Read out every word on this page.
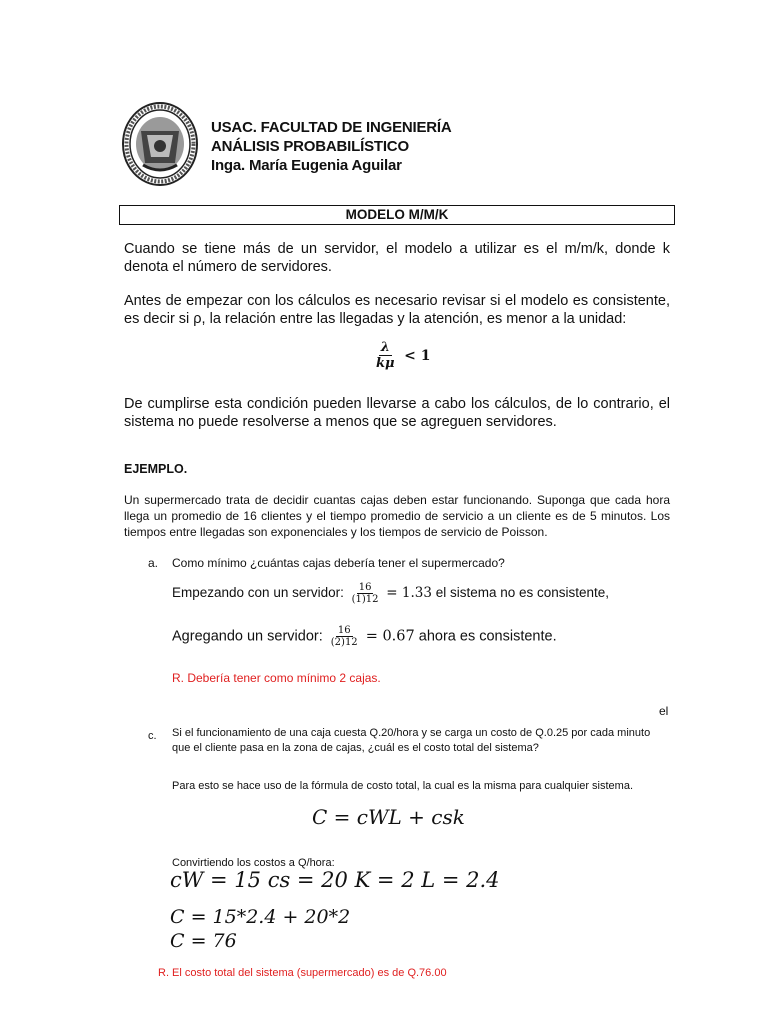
USAC. FACULTAD DE INGENIERÍA
ANÁLISIS PROBABILÍSTICO
Inga. María Eugenia Aguilar
MODELO M/M/K
Cuando se tiene más de un servidor, el modelo a utilizar es el m/m/k, donde k denota el número de servidores.
Antes de empezar con los cálculos es necesario revisar si el modelo es consistente, es decir si ρ, la relación entre las llegadas y la atención, es menor a la unidad:
$\frac{\lambda}{k\mu} < 1$
De cumplirse esta condición pueden llevarse a cabo los cálculos, de lo contrario, el sistema no puede resolverse a menos que se agreguen servidores.
EJEMPLO.
Un supermercado trata de decidir cuantas cajas deben estar funcionando. Suponga que cada hora llega un promedio de 16 clientes y el tiempo promedio de servicio a un cliente es de 5 minutos. Los tiempos entre llegadas son exponenciales y los tiempos de servicio de Poisson.
a. Como mínimo ¿cuántas cajas debería tener el supermercado?
Empezando con un servidor: $\frac{16}{(1)12} = 1.33$ el sistema no es consistente,
Agregando un servidor: $\frac{16}{(2)12} = 0.67$ ahora es consistente.
R. Debería tener como mínimo 2 cajas.
el
c. Si el funcionamiento de una caja cuesta Q.20/hora y se carga un costo de Q.0.25 por cada minuto que el cliente pasa en la zona de cajas, ¿cuál es el costo total del sistema?
Para esto se hace uso de la fórmula de costo total, la cual es la misma para cualquier sistema.
C = cWL + csk
Convirtiendo los costos a Q/hora:
cW = 15 cs = 20 K = 2 L = 2.4
C = 15*2.4 + 20*2
C = 76
R. El costo total del sistema (supermercado) es de Q.76.00
